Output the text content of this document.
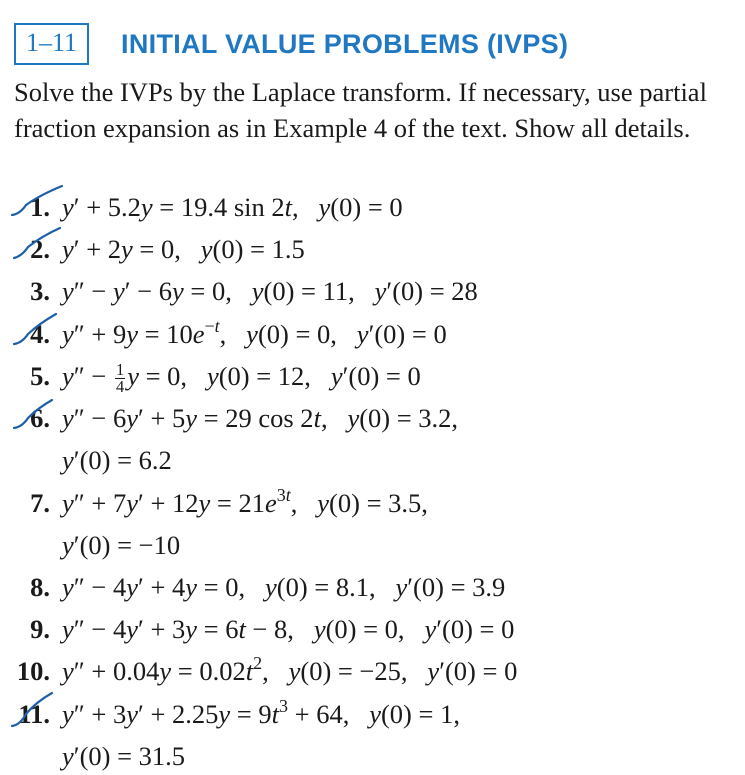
1–11	INITIAL VALUE PROBLEMS (IVPS)
Solve the IVPs by the Laplace transform. If necessary, use partial fraction expansion as in Example 4 of the text. Show all details.
1. y′ + 5.2y = 19.4 sin 2t,   y(0) = 0
2. y′ + 2y = 0,   y(0) = 1.5
3. y″ − y′ − 6y = 0,   y(0) = 11,   y′(0) = 28
4. $y'' + 9y = 10e^{-t}$,   y(0) = 0,   y′(0) = 0
5. $y'' - \frac{1}{4}$ y = 0,   y(0) = 12,   y′(0) = 0
6. y″ − 6y′ + 5y = 29 cos 2t,   y(0) = 3.2,
y′(0) = 6.2
7. $y'' + 7y' + 12y = 21e^{3t}$,   y(0) = 3.5,
y′(0) = −10
8. y″ − 4y′ + 4y = 0,   y(0) = 8.1,   y′(0) = 3.9
9. y″ − 4y′ + 3y = 6t − 8,   y(0) = 0,   y′(0) = 0
10. $y'' + 0.04y = 0.02t^2$,   y(0) = −25,   y′(0) = 0
11. $y'' + 3y' + 2.25y = 9t^3 + 64$,   y(0) = 1,
y′(0) = 31.5
